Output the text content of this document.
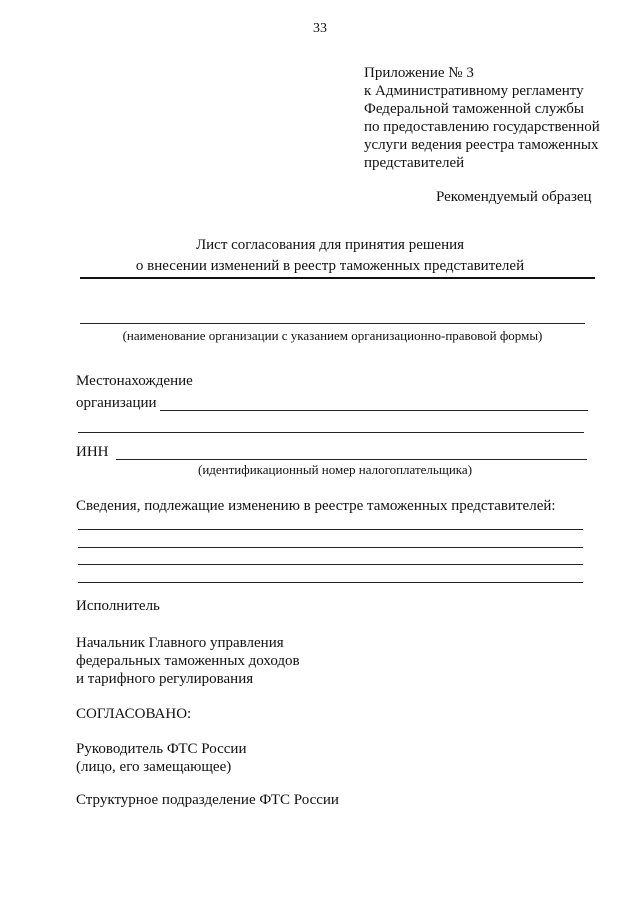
33
Приложение № 3
к Административному регламенту
Федеральной таможенной службы
по предоставлению государственной
услуги ведения реестра таможенных
представителей
Рекомендуемый образец
Лист согласования для принятия решения
о внесении изменений в реестр таможенных представителей
(наименование организации с указанием организационно-правовой формы)
Местонахождение
организации
ИНН
(идентификационный номер налогоплательщика)
Сведения, подлежащие изменению в реестре таможенных представителей:
Исполнитель
Начальник Главного управления
федеральных таможенных доходов
и тарифного регулирования
СОГЛАСОВАНО:
Руководитель ФТС России
(лицо, его замещающее)
Структурное подразделение ФТС России
